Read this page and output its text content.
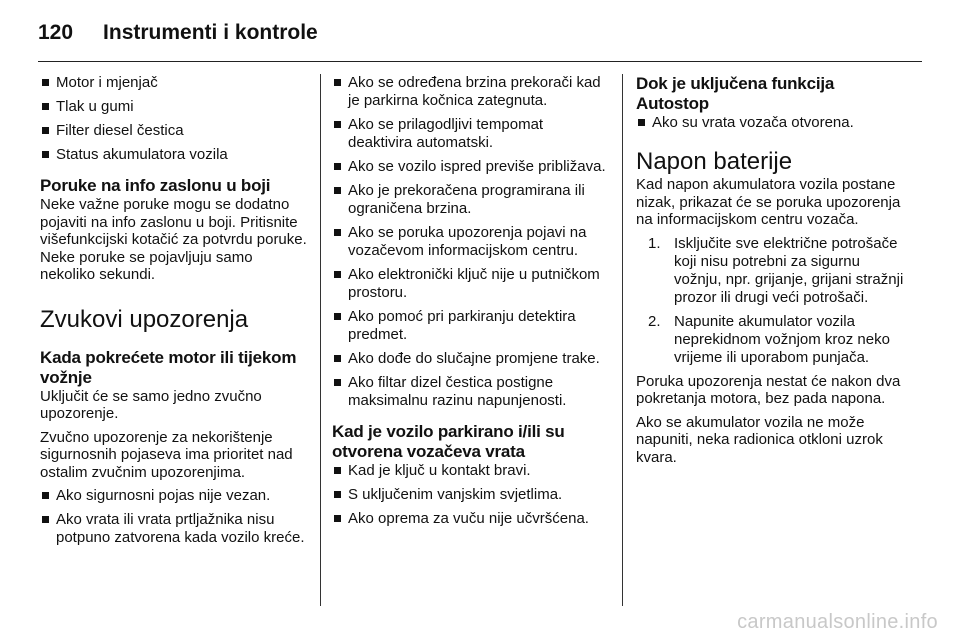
120 Instrumenti i kontrole
Motor i mjenjač
Tlak u gumi
Filter diesel čestica
Status akumulatora vozila
Poruke na info zaslonu u boji

Neke važne poruke mogu se dodatno pojaviti na info zaslonu u boji. Pritisnite višefunkcijski kotačić za potvrdu poruke. Neke poruke se pojavljuju samo nekoliko sekundi.

Zvukovi upozorenja
Kada pokrećete motor ili tijekom vožnje

Uključit će se samo jedno zvučno upozorenje.

Zvučno upozorenje za nekorištenje sigurnosnih pojaseva ima prioritet nad ostalim zvučnim upozorenjima.

Ako sigurnosni pojas nije vezan.
Ako vrata ili vrata prtljažnika nisu potpuno zatvorena kada vozilo kreće.
Ako se određena brzina prekorači kad je parkirna kočnica zategnuta.
Ako se prilagodljivi tempomat deaktivira automatski.
Ako se vozilo ispred previše približava.
Ako je prekoračena programirana ili ograničena brzina.
Ako se poruka upozorenja pojavi na vozačevom informacijskom centru.
Ako elektronički ključ nije u putničkom prostoru.
Ako pomoć pri parkiranju detektira predmet.
Ako dođe do slučajne promjene trake.
Ako filtar dizel čestica postigne maksimalnu razinu napunjenosti.
Kad je vozilo parkirano i/ili su otvorena vozačeva vrata
Kad je ključ u kontakt bravi.
S uključenim vanjskim svjetlima.
Ako oprema za vuču nije učvršćena.
Dok je uključena funkcija Autostop
Ako su vrata vozača otvorena.
Napon baterije

Kad napon akumulatora vozila postane nizak, prikazat će se poruka upozorenja na informacijskom centru vozača.

1. Isključite sve električne potrošače koji nisu potrebni za sigurnu vožnju, npr. grijanje, grijani stražnji prozor ili drugi veći potrošači.
2. Napunite akumulator vozila neprekidnom vožnjom kroz neko vrijeme ili uporabom punjača.

Poruka upozorenja nestat će nakon dva pokretanja motora, bez pada napona.

Ako se akumulator vozila ne može napuniti, neka radionica otkloni uzrok kvara.

carmanualsonline.info
